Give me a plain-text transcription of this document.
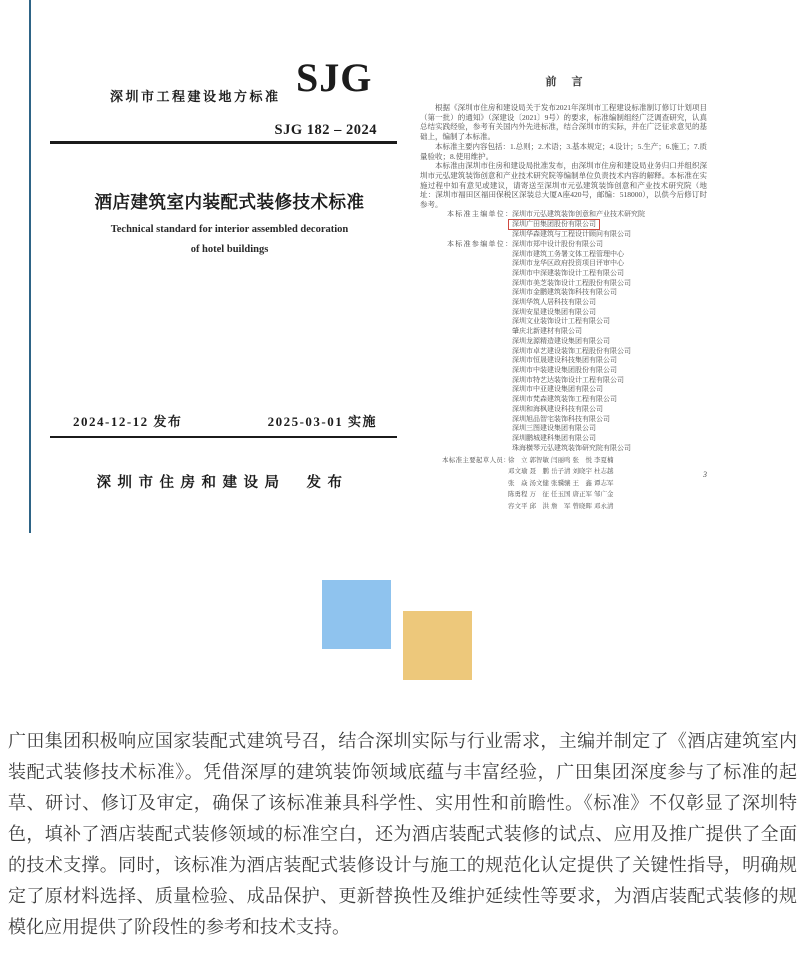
深圳市工程建设地方标准 SJG
SJG 182 – 2024
酒店建筑室内装配式装修技术标准
Technical standard for interior assembled decoration
of hotel buildings
2024-12-12 发布	2025-03-01 实施
深圳市住房和建设局　发布
前　言

根据《深圳市住房和建设局关于发布2021年深圳市工程建设标准制订修订计划项目（第一批）的通知》（深建设〔2021〕9号）的要求，标准编制组经广泛调查研究，认真总结实践经验，参考有关国内外先进标准，结合深圳市的实际，并在广泛征求意见的基础上，编制了本标准。

本标准主要内容包括：1.总则；2.术语；3.基本规定；4.设计；5.生产；6.施工；7.质量验收；8.使用维护。

本标准由深圳市住房和建设局批准发布，由深圳市住房和建设局业务归口并组织深圳市元弘建筑装饰创意和产业技术研究院等编制单位负责技术内容的解释。本标准在实施过程中如有意见或建议，请寄送至深圳市元弘建筑装饰创意和产业技术研究院（地址：深圳市福田区福田保税区深装总大厦A座420号，邮编：518000），以供今后修订时参考。

本标准主编单位：
深圳市元弘建筑装饰创意和产业技术研究院
深圳广田集团股份有限公司
深圳华森建筑与工程设计顾问有限公司
本标准参编单位：
深圳市郑中设计股份有限公司
深圳市建筑工务署文体工程管理中心
深圳市龙华区政府投资项目评审中心
深圳市中深建装饰设计工程有限公司
深圳市美芝装饰设计工程股份有限公司
深圳市金鹏建筑装饰科技有限公司
深圳华筑人居科技有限公司
深圳安星建设集团有限公司
深圳文业装饰设计工程有限公司
肇庆北新建材有限公司
深圳龙源精造建设集团有限公司
深圳市卓艺建设装饰工程股份有限公司
深圳市恒晟建设科技集团有限公司
深圳市中装建设集团股份有限公司
深圳市特艺达装饰设计工程有限公司
深圳市中亚建设集团有限公司
深圳市梵森建筑装饰工程有限公司
深圳和海枫建设科技有限公司
深圳旭品智宅装饰科技有限公司
深圳三图建设集团有限公司
深圳鹏城建科集团有限公司
珠海横琴元弘建筑装饰研究院有限公司
本标准主要起草人员：
徐　立 郭智敏 闫丽鸣 张　悦 李夏楠
邓文瑜 聂　鹏 岳子清 刘晓宇 杜志越
张　焱 汤文健 张骥骧 王　鑫 谭志军
陈勇程 万　征 任玉国 唐正军 邹广金
容文平 邱　洪 詹　军 曾晓晖 邓永清
3

广田集团积极响应国家装配式建筑号召，结合深圳实际与行业需求，主编并制定了《酒店建筑室内装配式装修技术标准》。凭借深厚的建筑装饰领域底蕴与丰富经验，广田集团深度参与了标准的起草、研讨、修订及审定，确保了该标准兼具科学性、实用性和前瞻性。《标准》不仅彰显了深圳特色，填补了酒店装配式装修领域的标准空白，还为酒店装配式装修的试点、应用及推广提供了全面的技术支撑。同时，该标准为酒店装配式装修设计与施工的规范化认定提供了关键性指导，明确规定了原材料选择、质量检验、成品保护、更新替换性及维护延续性等要求，为酒店装配式装修的规模化应用提供了阶段性的参考和技术支持。
